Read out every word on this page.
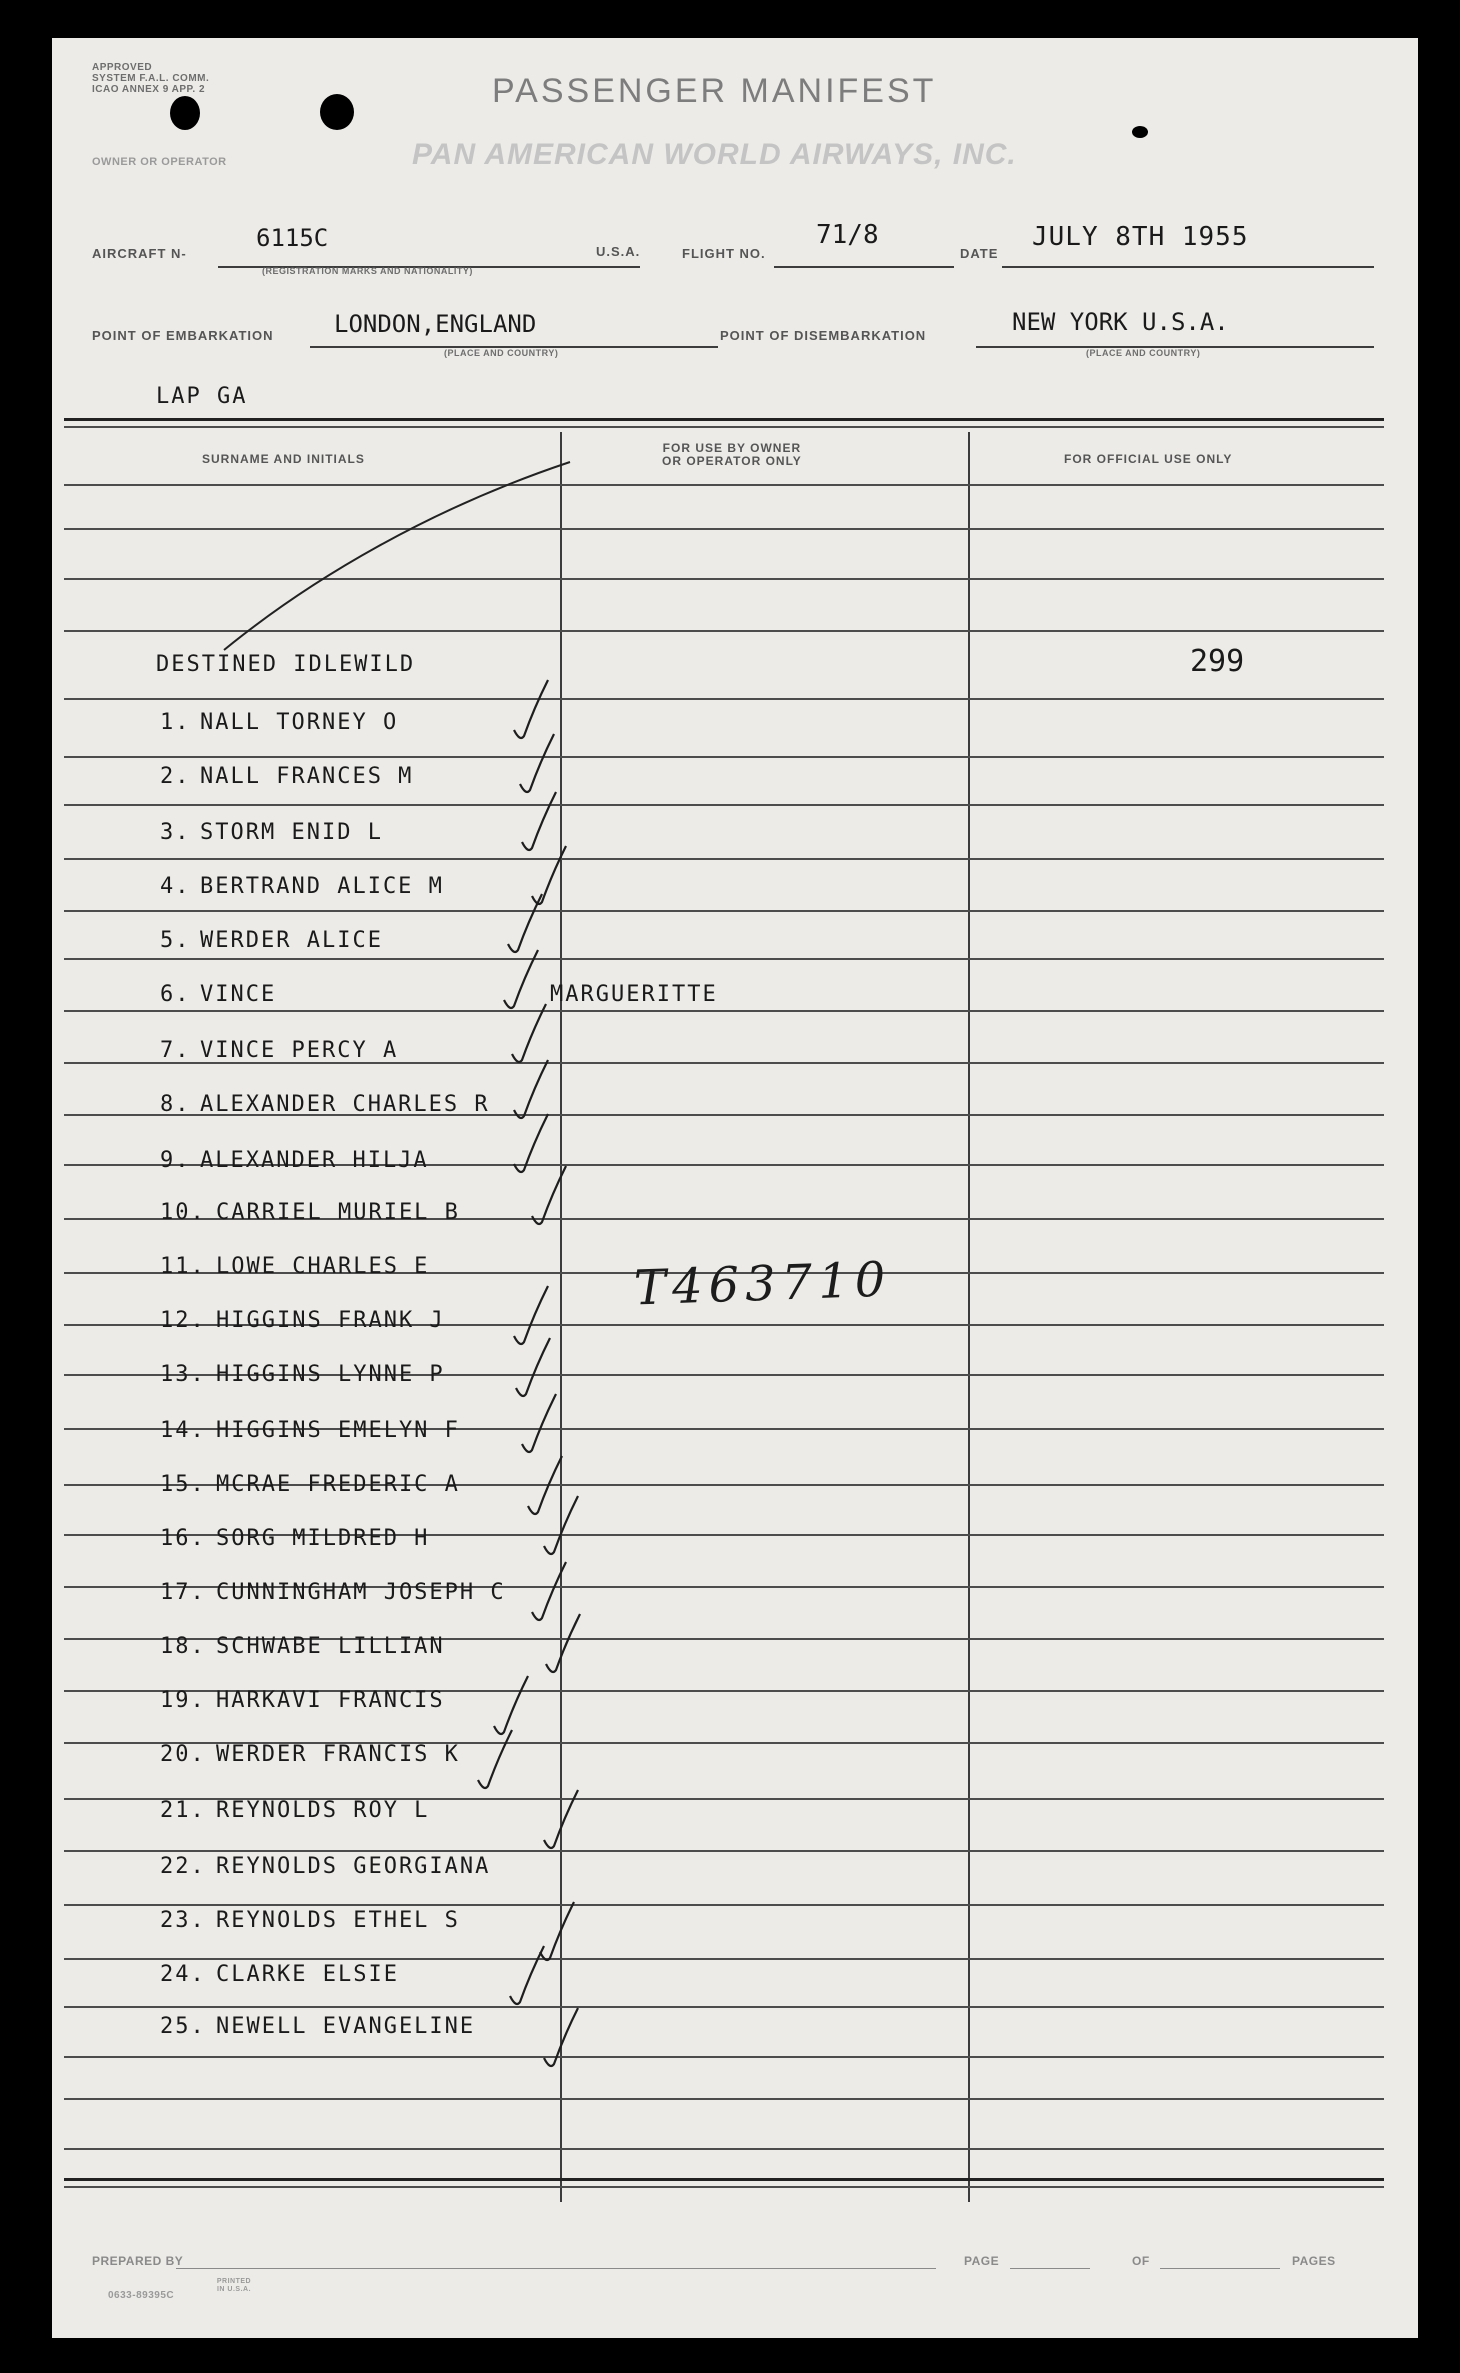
APPROVED
SYSTEM F.A.L. COMM.
ICAO ANNEX 9 APP. 2	PASSENGER MANIFEST
OWNER OR OPERATOR	PAN AMERICAN WORLD AIRWAYS, INC.
AIRCRAFT N-
6115C
(REGISTRATION MARKS AND NATIONALITY)
U.S.A.	FLIGHT NO.
71/8
DATE
JULY 8TH 1955
POINT OF EMBARKATION	LONDON,ENGLAND
(PLACE AND COUNTRY)
POINT OF DISEMBARKATION	NEW YORK U.S.A.
(PLACE AND COUNTRY)
LAP GA
SURNAME AND INITIALS
FOR USE BY OWNER
OR OPERATOR ONLY	FOR OFFICIAL USE ONLY
DESTINED IDLEWILD	299
1. NALL TORNEY O
2. NALL FRANCES M
3. STORM ENID L
4. BERTRAND ALICE M
5. WERDER ALICE
6. VINCE	MARGUERITTE
7. VINCE PERCY A
8. ALEXANDER CHARLES R
9. ALEXANDER HILJA
10. CARRIEL MURIEL B
11. LOWE CHARLES E
12. HIGGINS FRANK J
13. HIGGINS LYNNE P
14. HIGGINS EMELYN F
15. MCRAE FREDERIC A
16. SORG MILDRED H
17. CUNNINGHAM JOSEPH C
18. SCHWABE LILLIAN
19. HARKAVI FRANCIS
20. WERDER FRANCIS K
21. REYNOLDS ROY L
22. REYNOLDS GEORGIANA
23. REYNOLDS ETHEL S
24. CLARKE ELSIE
25. NEWELL EVANGELINE
T463710
PREPARED BY	PAGE	OF	PAGES
0633-89395C
PRINTED IN U.S.A.
